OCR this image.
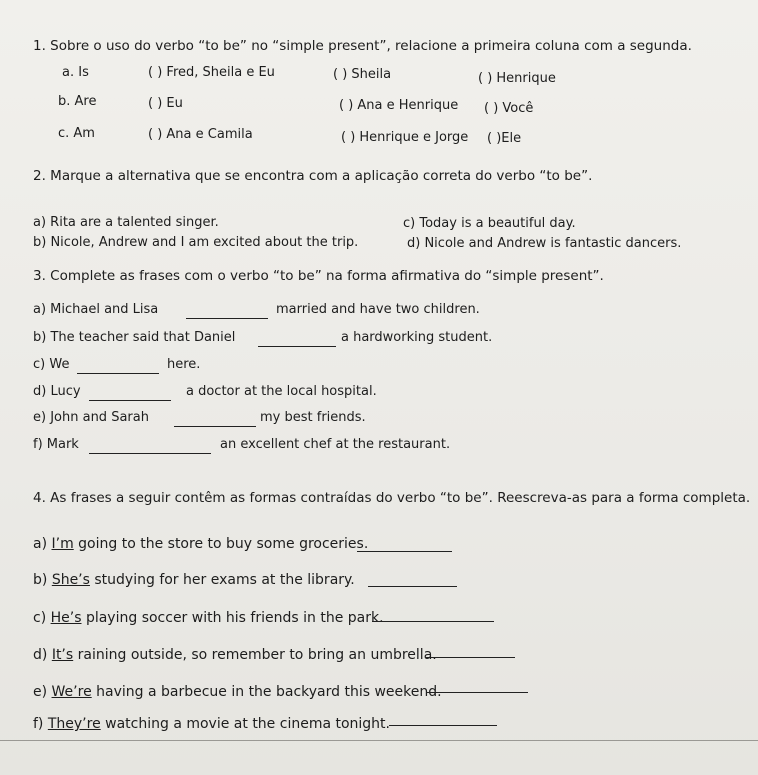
1. Sobre o uso do verbo “to be” no “simple present”, relacione a primeira coluna com a segunda.
a. Is	( ) Fred, Sheila e Eu	( ) Sheila	( ) Henrique
b. Are	( ) Eu	( ) Ana e Henrique ( ) Você
c. Am	( ) Ana e Camila	( ) Henrique e Jorge ( )Ele
2. Marque a alternativa que se encontra com a aplicação correta do verbo “to be”.
a) Rita are a talented singer.	c) Today is a beautiful day.
b) Nicole, Andrew and I am excited about the trip.	d) Nicole and Andrew is fantastic dancers.
3. Complete as frases com o verbo “to be” na forma afirmativa do “simple present”.
a) Michael and Lisa	married and have two children.
b) The teacher said that Daniel	a hardworking student.
c) We	here.
d) Lucy	a doctor at the local hospital.
e) John and Sarah	my best friends.
f) Mark	an excellent chef at the restaurant.
4. As frases a seguir contêm as formas contraídas do verbo “to be”. Reescreva-as para a forma completa.
a) I’m going to the store to buy some groceries.
b) She’s studying for her exams at the library.
c) He’s playing soccer with his friends in the park.
d) It’s raining outside, so remember to bring an umbrella.
e) We’re having a barbecue in the backyard this weekend.
f) They’re watching a movie at the cinema tonight.
